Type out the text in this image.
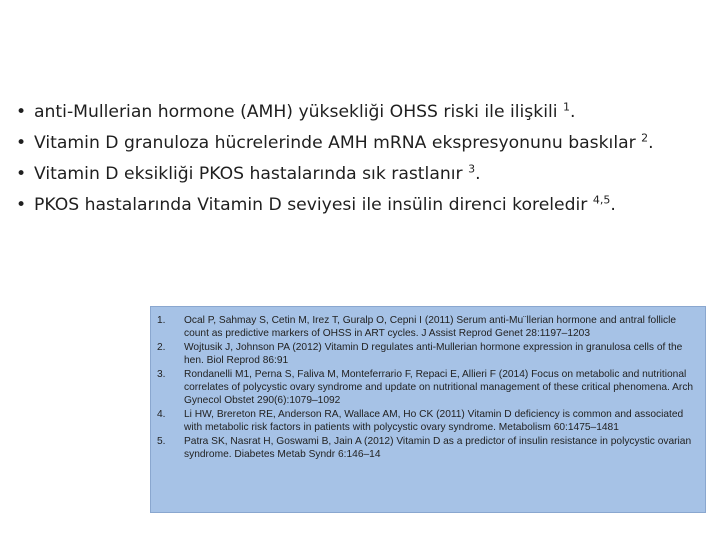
• anti-Mullerian hormone (AMH) yüksekliği OHSS riski ile ilişkili $^1$.
• Vitamin D granuloza hücrelerinde AMH mRNA ekspresyonunu baskılar $^2$.
• Vitamin D eksikliği PKOS hastalarında sık rastlanır $^3$.
• PKOS hastalarında Vitamin D seviyesi ile insülin direnci koreledir $^{4,5}$.
1.	Ocal P, Sahmay S, Cetin M, Irez T, Guralp O, Cepni I (2011) Serum anti-Mu¨llerian hormone and antral follicle count as predictive markers of OHSS in ART cycles. J Assist Reprod Genet 28:1197–1203
2.	Wojtusik J, Johnson PA (2012) Vitamin D regulates anti-Mullerian hormone expression in granulosa cells of the hen. Biol Reprod 86:91
3.	Rondanelli M1, Perna S, Faliva M, Monteferrario F, Repaci E, Allieri F (2014) Focus on metabolic and nutritional correlates of polycystic ovary syndrome and update on nutritional management of these critical phenomena. Arch Gynecol Obstet 290(6):1079–1092
4.	Li HW, Brereton RE, Anderson RA, Wallace AM, Ho CK (2011) Vitamin D deficiency is common and associated with metabolic risk factors in patients with polycystic ovary syndrome. Metabolism 60:1475–1481
5.	Patra SK, Nasrat H, Goswami B, Jain A (2012) Vitamin D as a predictor of insulin resistance in polycystic ovarian syndrome. Diabetes Metab Syndr 6:146–14
